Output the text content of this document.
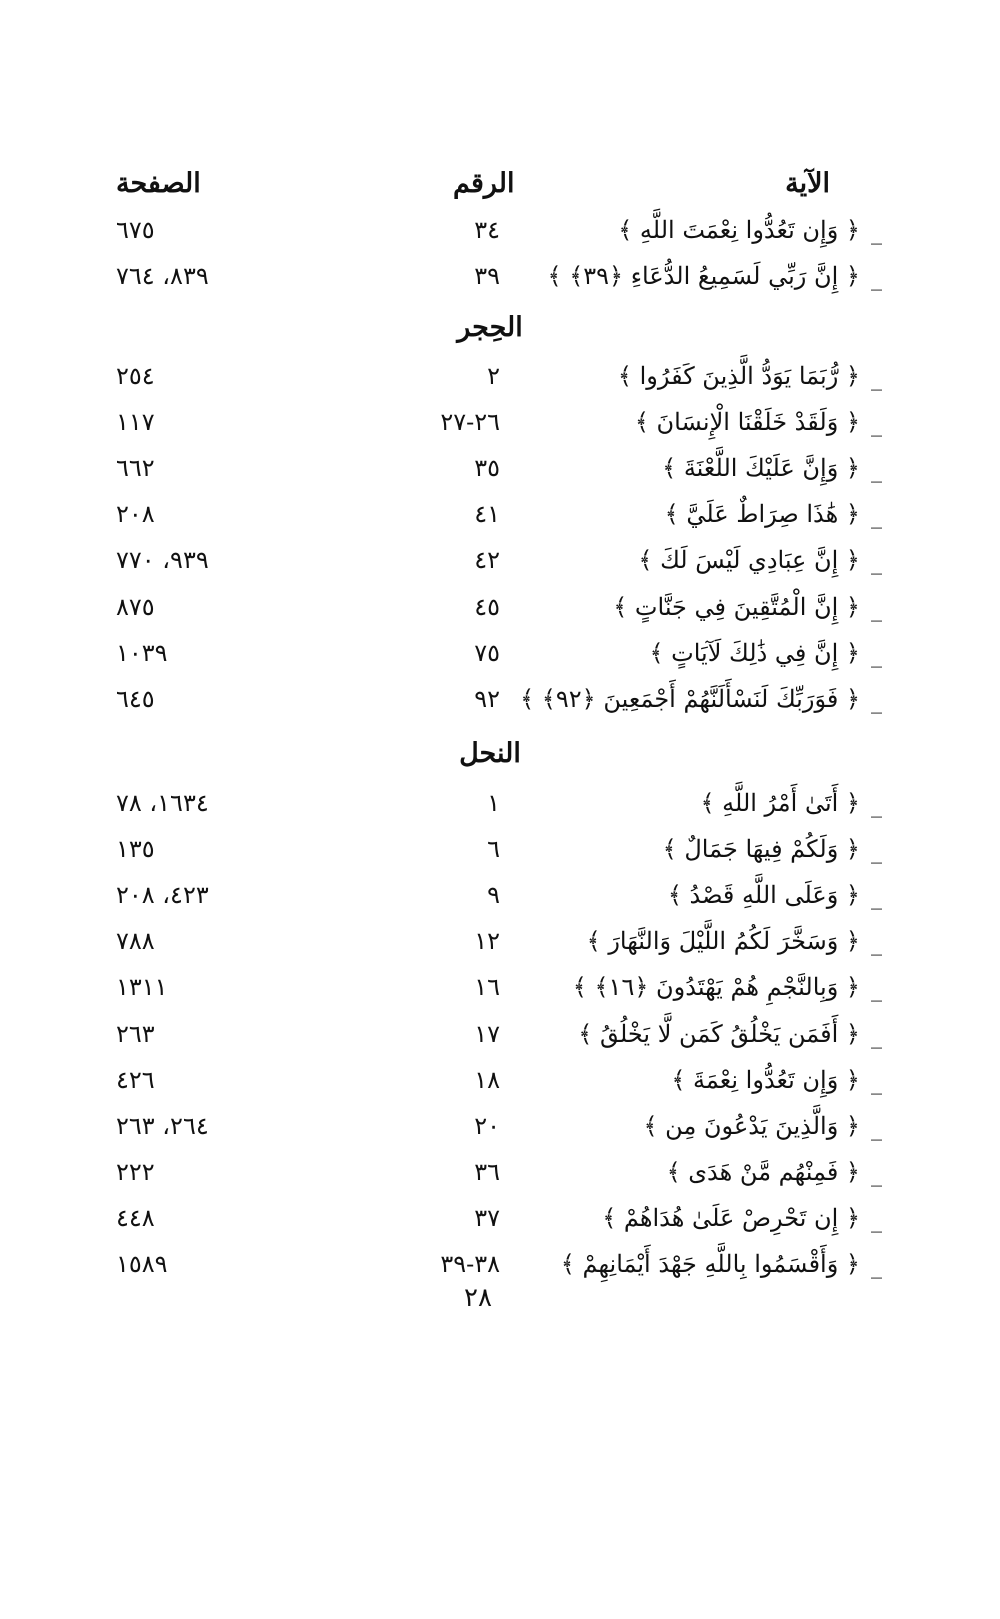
الآية
الرقم
الصفحة
_
﴿ وَإِن تَعُدُّوا نِعْمَتَ اللَّهِ ﴾
٣٤
٦٧٥
_
﴿ إِنَّ رَبِّي لَسَمِيعُ الدُّعَاءِ ﴿٣٩﴾ ﴾
٣٩
٨٣٩، ٧٦٤
الحِجر
_
﴿ رُّبَمَا يَوَدُّ الَّذِينَ كَفَرُوا ﴾
٢
٢٥٤
_
﴿ وَلَقَدْ خَلَقْنَا الْإِنسَانَ ﴾
٢٦-٢٧
١١٧
_
﴿ وَإِنَّ عَلَيْكَ اللَّعْنَةَ ﴾
٣٥
٦٦٢
_
﴿ هَٰذَا صِرَاطٌ عَلَيَّ ﴾
٤١
٢٠٨
_
﴿ إِنَّ عِبَادِي لَيْسَ لَكَ ﴾
٤٢
٩٣٩، ٧٧٠
_
﴿ إِنَّ الْمُتَّقِينَ فِي جَنَّاتٍ ﴾
٤٥
٨٧٥
_
﴿ إِنَّ فِي ذَٰلِكَ لَآيَاتٍ ﴾
٧٥
١٠٣٩
_
﴿ فَوَرَبِّكَ لَنَسْأَلَنَّهُمْ أَجْمَعِينَ ﴿٩٢﴾ ﴾
٩٢
٦٤٥
النحل
_
﴿ أَتَىٰ أَمْرُ اللَّهِ ﴾
١
١٦٣٤، ٧٨
_
﴿ وَلَكُمْ فِيهَا جَمَالٌ ﴾
٦
١٣٥
_
﴿ وَعَلَى اللَّهِ قَصْدُ ﴾
٩
٤٢٣، ٢٠٨
_
﴿ وَسَخَّرَ لَكُمُ اللَّيْلَ وَالنَّهَارَ ﴾
١٢
٧٨٨
_
﴿ وَبِالنَّجْمِ هُمْ يَهْتَدُونَ ﴿١٦﴾ ﴾
١٦
١٣١١
_
﴿ أَفَمَن يَخْلُقُ كَمَن لَّا يَخْلُقُ ﴾
١٧
٢٦٣
_
﴿ وَإِن تَعُدُّوا نِعْمَةَ ﴾
١٨
٤٢٦
_
﴿ وَالَّذِينَ يَدْعُونَ مِن ﴾
٢٠
٢٦٤، ٢٦٣
_
﴿ فَمِنْهُم مَّنْ هَدَى ﴾
٣٦
٢٢٢
_
﴿ إِن تَحْرِصْ عَلَىٰ هُدَاهُمْ ﴾
٣٧
٤٤٨
_
﴿ وَأَقْسَمُوا بِاللَّهِ جَهْدَ أَيْمَانِهِمْ ﴾
٣٨-٣٩
١٥٨٩
٢٨
